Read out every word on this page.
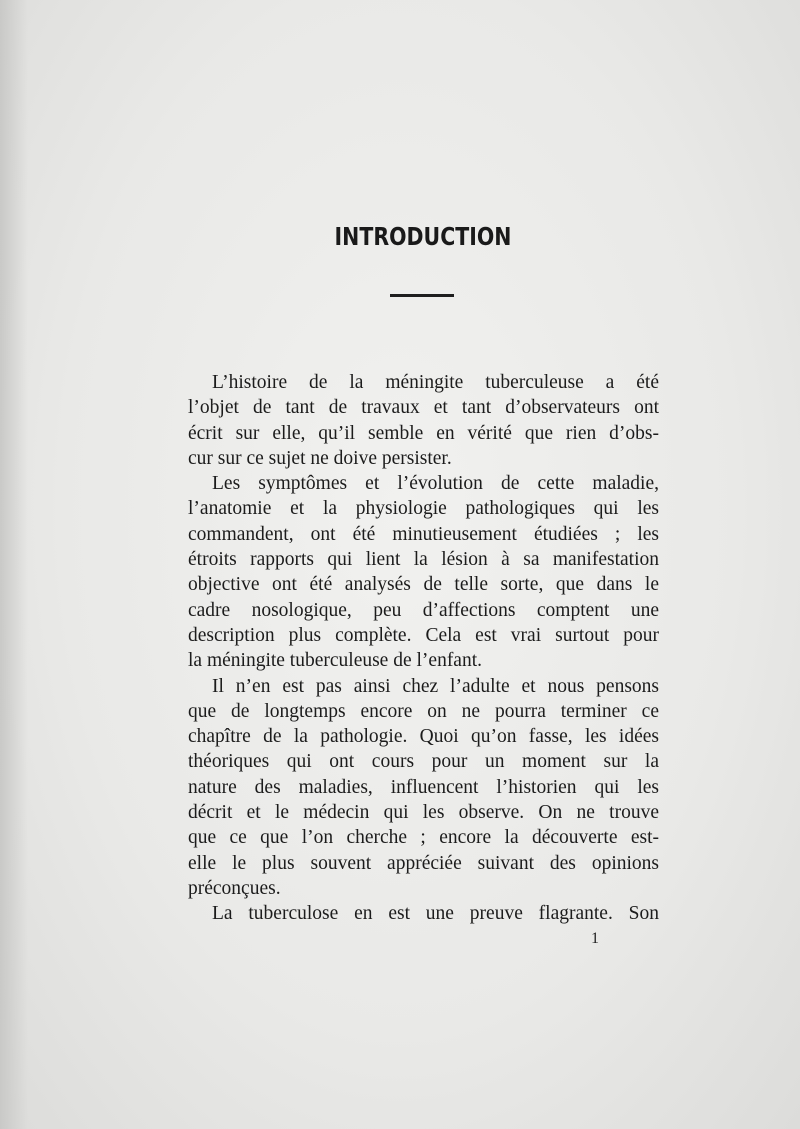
INTRODUCTION
L’histoire de la méningite tuberculeuse a été
l’objet de tant de travaux et tant d’observateurs ont
écrit sur elle, qu’il semble en vérité que rien d’obs-
cur sur ce sujet ne doive persister.
Les symptômes et l’évolution de cette maladie,
l’anatomie et la physiologie pathologiques qui les
commandent, ont été minutieusement étudiées ; les
étroits rapports qui lient la lésion à sa manifestation
objective ont été analysés de telle sorte, que dans le
cadre nosologique, peu d’affections comptent une
description plus complète. Cela est vrai surtout pour
la méningite tuberculeuse de l’enfant.
Il n’en est pas ainsi chez l’adulte et nous pensons
que de longtemps encore on ne pourra terminer ce
chapître de la pathologie. Quoi qu’on fasse, les idées
théoriques qui ont cours pour un moment sur la
nature des maladies, influencent l’historien qui les
décrit et le médecin qui les observe. On ne trouve
que ce que l’on cherche ; encore la découverte est-
elle le plus souvent appréciée suivant des opinions
préconçues.
La tuberculose en est une preuve flagrante. Son
1
